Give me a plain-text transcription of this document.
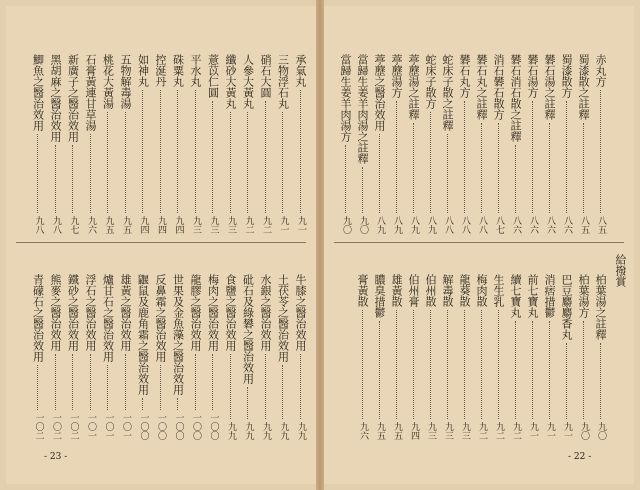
- 23 -
承氣丸
九一
三物浮石丸
九一
硝石大圓
九二
人參大黃丸
九二
纖砂大黃丸
九三
薏苡仁圓
九三
平水丸
九三
硃粟丸
九四
控涎丹
九四
如神丸
九四
五物解毒湯
九五
桃花大黃湯
九五
石膏黃連甘草湯
九六
新廣子之醫治效用
九七
黑胡麻之醫治效用
九八
鯽魚之醫治效用
九八
牛膝之醫治效用
九九
土茯苓之醫治效用
九九
水銀之醫治效用
九九
砒石及綠礬之醫治效用
九九
食鹽之醫治效用
九九
梅肉之醫治效用
一〇〇
龍膠之醫治效用
一〇〇
世果及金魚藻之醫治效用
一〇〇
反鼻霜之醫治效用
一〇〇
鼴鼠及鹿角霜之醫治效用
一〇〇
雄黃之醫治效用
一〇一
爐甘石之醫治效用
一〇一
浮石之醫治效用
一〇一
鐵砂之醫治效用
一〇二
熊麥之醫治效用
一〇二
青礞石之醫治效用
一〇二
- 22 -
赤丸方
八五
蜀漆散之註釋
八五
蜀漆散方
八六
礬石湯之註釋
八六
礬石湯方
八六
礬石消石散之註釋
八六
消石礬石散方
八七
礬石丸之註釋
八八
礬石丸方
八八
蛇床子散之註釋
八八
蛇床子散方
八九
葶藶湯之註釋
八九
葶藶湯方
八九
葶藶之醫治效用
八九
當歸生姜羊肉湯之註釋
九〇
當歸生姜羊肉湯方
九〇
柏葉湯之註釋
九〇
柏葉湯方
九〇
巴豆麝麝香丸
九一
消痞措鬱
九一
前七寶丸
九一
續七寶丸
九二
生生乳
九二
梅肉散
九二
龍葵散
九三
解毒散
九三
伯州散
九三
伯州膏
九四
雄黃散
九五
膿臭措鬱
九五
膏黃散
九六
給撥賞
